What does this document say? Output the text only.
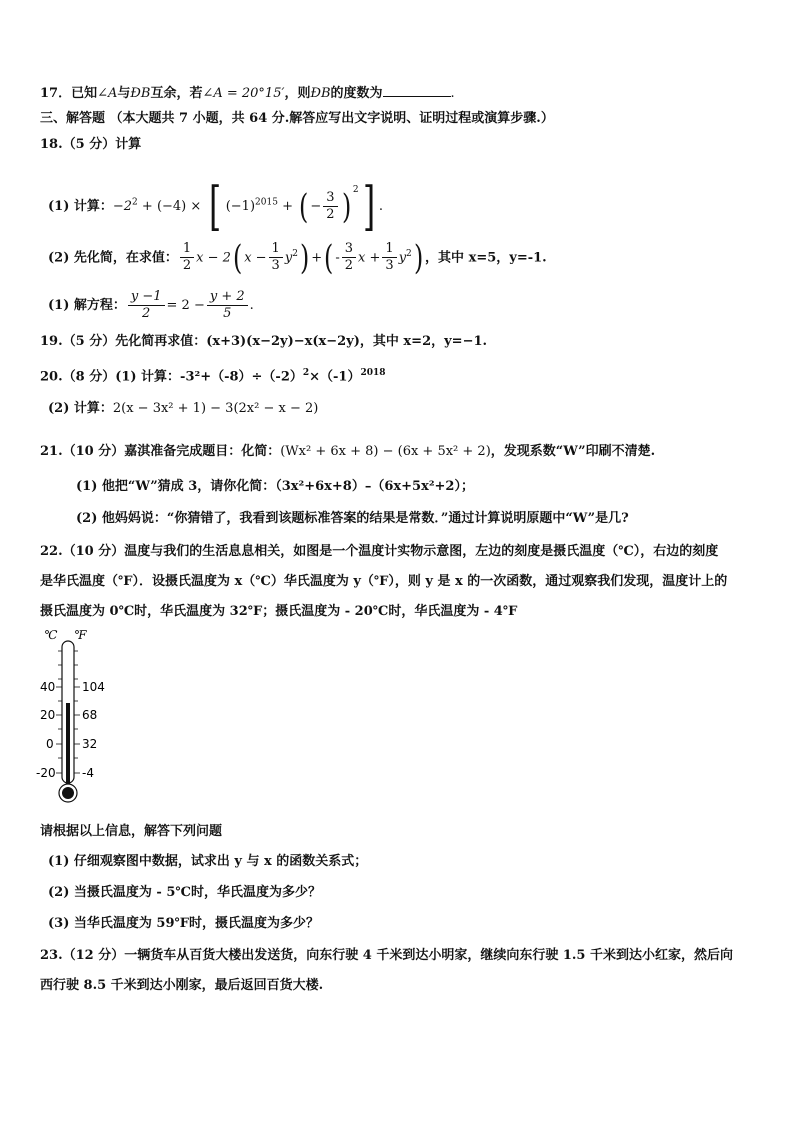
17．已知∠A与ÐB互余，若∠A = 20°15′，则ÐB的度数为	.
三、解答题 （本大题共 7 小题，共 64 分.解答应写出文字说明、证明过程或演算步骤.）
18.（5 分）计算
(1) 计算：$-2^2 + (-4)$ × [ $(-1)^{2015}$ + ( − $\frac{3}{2}$ ) $^2$] .
(2) 先化简，在求值： $\frac{1}{2}$ x − 2( $x - \frac{1}{3} y^2$) +( - $\frac{3}{2}$ $x + \frac{1}{3} y^2$) ，其中 x=5，y=-1.
(1) 解方程： $\frac{y -1}{2} = 2 - \frac{y + 2}{5}$ .
19.（5 分）先化简再求值：(x+3)(x−2y)−x(x−2y)，其中 x=2，y=−1.
20.（8 分）(1) 计算：$-3^2+(-8)\div(-2)^2\times(-1)^{2018}$
(2) 计算：2(x − 3x² + 1) − 3(2x² − x − 2)
21.（10 分）嘉淇准备完成题目：化简：(Wx² + 6x + 8) − (6x + 5x² + 2)，发现系数“W”印刷不清楚.
(1) 他把“W”猜成 3，请你化简：（3x²+6x+8）–（6x+5x²+2）；
(2) 他妈妈说：“你猜错了，我看到该题标准答案的结果是常数．”通过计算说明原题中“W”是几?
22.（10 分）温度与我们的生活息息相关，如图是一个温度计实物示意图，左边的刻度是摄氏温度（℃），右边的刻度
是华氏温度（℉）．设摄氏温度为 x（℃）华氏温度为 y（℉），则 y 是 x 的一次函数，通过观察我们发现，温度计上的
摄氏温度为 0℃时，华氏温度为 32℉；摄氏温度为 - 20℃时，华氏温度为 - 4℉
℃ ℉
40
20
0
-20
104
68
32
-4
请根据以上信息，解答下列问题
(1) 仔细观察图中数据，试求出 y 与 x 的函数关系式；
(2) 当摄氏温度为 - 5℃时，华氏温度为多少？
(3) 当华氏温度为 59℉时，摄氏温度为多少？
23.（12 分）一辆货车从百货大楼出发送货，向东行驶 4 千米到达小明家，继续向东行驶 1.5 千米到达小红家，然后向
西行驶 8.5 千米到达小刚家，最后返回百货大楼.
